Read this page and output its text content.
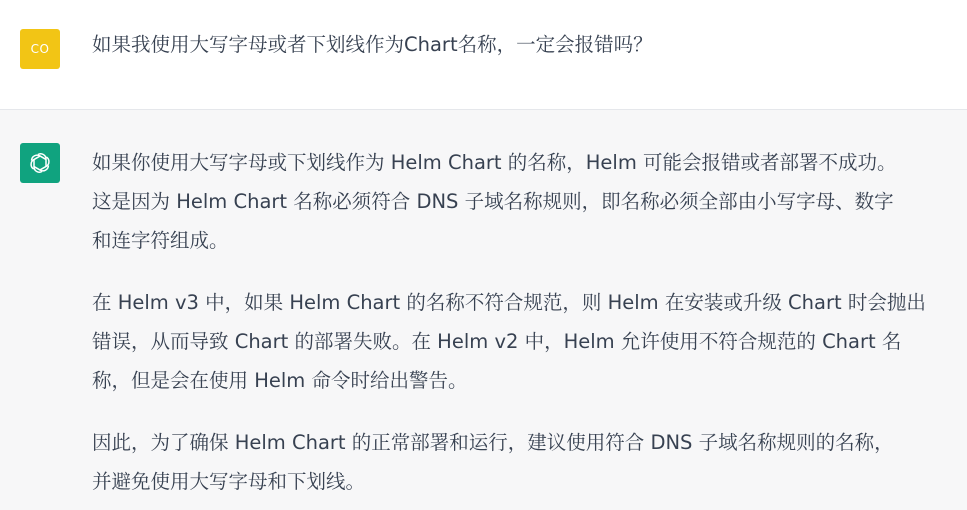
CO	如果我使用大写字母或者下划线作为Chart名称，一定会报错吗？
如果你使用大写字母或下划线作为 Helm Chart 的名称，Helm 可能会报错或者部署不成功。
这是因为 Helm Chart 名称必须符合 DNS 子域名称规则，即名称必须全部由小写字母、数字
和连字符组成。
在 Helm v3 中，如果 Helm Chart 的名称不符合规范，则 Helm 在安装或升级 Chart 时会抛出
错误，从而导致 Chart 的部署失败。在 Helm v2 中，Helm 允许使用不符合规范的 Chart 名
称，但是会在使用 Helm 命令时给出警告。
因此，为了确保 Helm Chart 的正常部署和运行，建议使用符合 DNS 子域名称规则的名称，
并避免使用大写字母和下划线。
